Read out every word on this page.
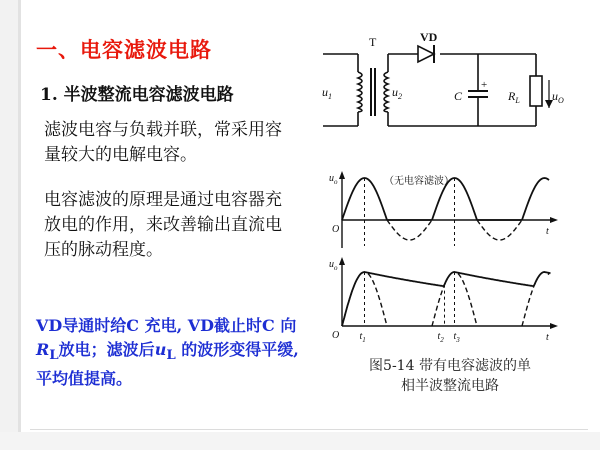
一、电容滤波电路
1. 半波整流电容滤波电路
滤波电容与负载并联，常采用容量较大的电解电容。
电容滤波的原理是通过电容器充放电的作用，来改善输出直流电压的脉动程度。
VD导通时给C 充电, VD截止时C 向$R_L$放电；滤波后$u_L$ 的波形变得平缓, 平均值提高。
T	VD
$u_1$	$u_2$	C
+
$R_L$	$u_O$
$u_o$	（无电容滤波）
O	t
$u_o$
O	t
$t_1$	$t_2$ $t_3$
图5-14 带有电容滤波的单
相半波整流电路
